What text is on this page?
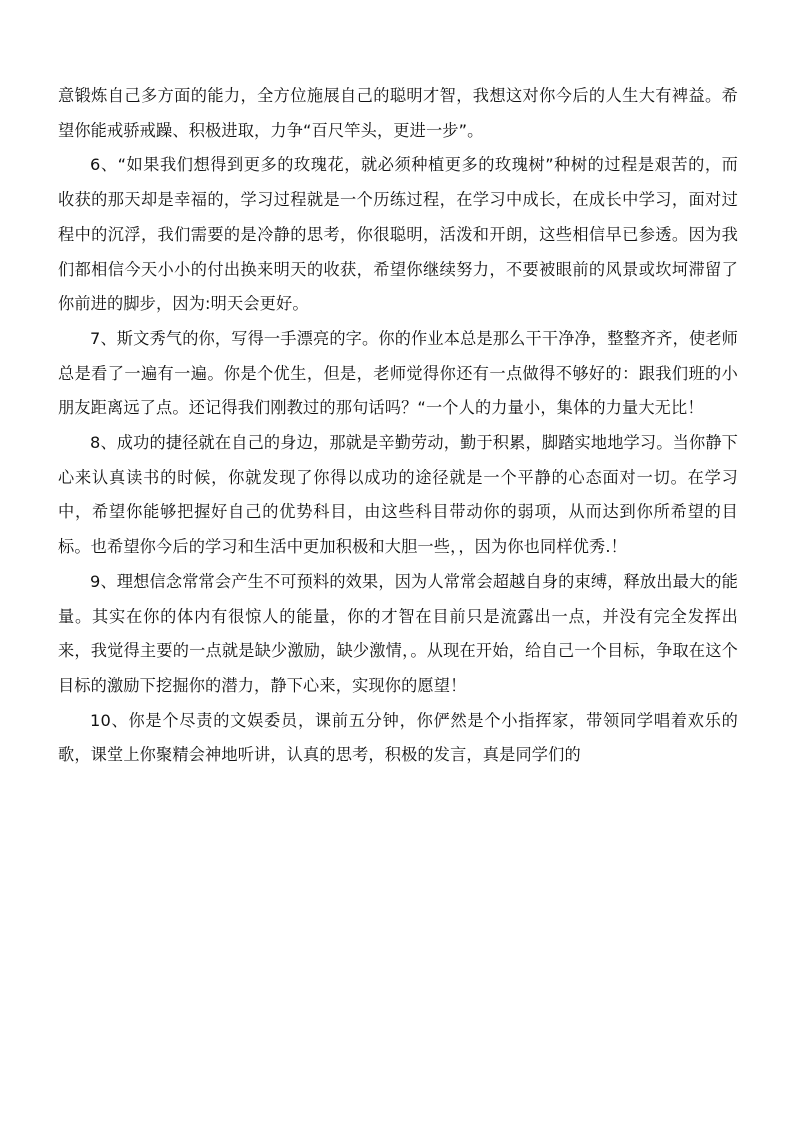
意锻炼自己多方面的能力，全方位施展自己的聪明才智，我想这对你今后的人生大有裨益。希望你能戒骄戒躁、积极进取，力争“百尺竿头，更进一步”。

6、“如果我们想得到更多的玫瑰花，就必须种植更多的玫瑰树”种树的过程是艰苦的，而收获的那天却是幸福的，学习过程就是一个历练过程，在学习中成长，在成长中学习，面对过程中的沉浮，我们需要的是冷静的思考，你很聪明，活泼和开朗，这些相信早已参透。因为我们都相信今天小小的付出换来明天的收获，希望你继续努力，不要被眼前的风景或坎坷滞留了你前进的脚步，因为:明天会更好。

7、斯文秀气的你，写得一手漂亮的字。你的作业本总是那么干干净净，整整齐齐，使老师总是看了一遍有一遍。你是个优生，但是，老师觉得你还有一点做得不够好的：跟我们班的小朋友距离远了点。还记得我们刚教过的那句话吗？“一个人的力量小，集体的力量大无比！

8、成功的捷径就在自己的身边，那就是辛勤劳动，勤于积累，脚踏实地地学习。当你静下心来认真读书的时候，你就发现了你得以成功的途径就是一个平静的心态面对一切。在学习中，希望你能够把握好自己的优势科目，由这些科目带动你的弱项，从而达到你所希望的目标。也希望你今后的学习和生活中更加积极和大胆一些，，因为你也同样优秀.！

9、理想信念常常会产生不可预料的效果，因为人常常会超越自身的束缚，释放出最大的能量。其实在你的体内有很惊人的能量，你的才智在目前只是流露出一点，并没有完全发挥出来，我觉得主要的一点就是缺少激励，缺少激情，。从现在开始，给自己一个目标，争取在这个目标的激励下挖掘你的潜力，静下心来，实现你的愿望！

10、你是个尽责的文娱委员，课前五分钟，你俨然是个小指挥家，带领同学唱着欢乐的歌，课堂上你聚精会神地听讲，认真的思考，积极的发言，真是同学们的
